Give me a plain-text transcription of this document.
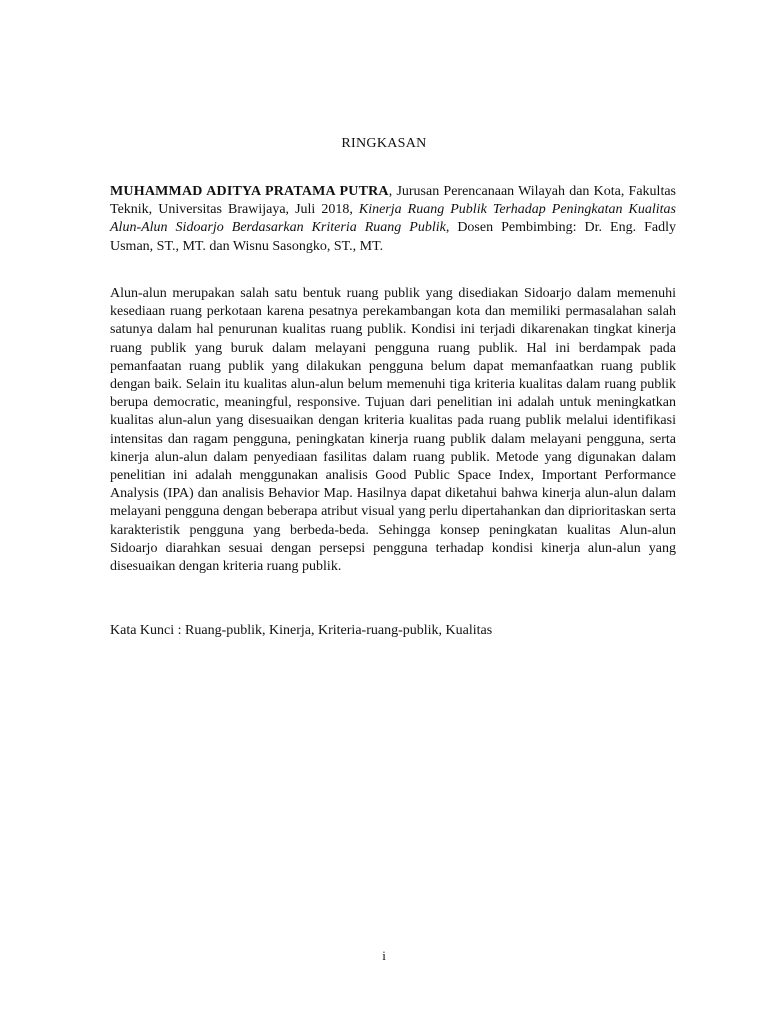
RINGKASAN
MUHAMMAD ADITYA PRATAMA PUTRA, Jurusan Perencanaan Wilayah dan Kota, Fakultas Teknik, Universitas Brawijaya, Juli 2018, Kinerja Ruang Publik Terhadap Peningkatan Kualitas Alun-Alun Sidoarjo Berdasarkan Kriteria Ruang Publik, Dosen Pembimbing: Dr. Eng. Fadly Usman, ST., MT. dan Wisnu Sasongko, ST., MT.
Alun-alun merupakan salah satu bentuk ruang publik yang disediakan Sidoarjo dalam memenuhi kesediaan ruang perkotaan karena pesatnya perekambangan kota dan memiliki permasalahan salah satunya dalam hal penurunan kualitas ruang publik. Kondisi ini terjadi dikarenakan tingkat kinerja ruang publik yang buruk dalam melayani pengguna ruang publik. Hal ini berdampak pada pemanfaatan ruang publik yang dilakukan pengguna belum dapat memanfaatkan ruang publik dengan baik. Selain itu kualitas alun-alun belum memenuhi tiga kriteria kualitas dalam ruang publik berupa democratic, meaningful, responsive. Tujuan dari penelitian ini adalah untuk meningkatkan kualitas alun-alun yang disesuaikan dengan kriteria kualitas pada ruang publik melalui identifikasi intensitas dan ragam pengguna, peningkatan kinerja ruang publik dalam melayani pengguna, serta kinerja alun-alun dalam penyediaan fasilitas dalam ruang publik. Metode yang digunakan dalam penelitian ini adalah menggunakan analisis Good Public Space Index, Important Performance Analysis (IPA) dan analisis Behavior Map. Hasilnya dapat diketahui bahwa kinerja alun-alun dalam melayani pengguna dengan beberapa atribut visual yang perlu dipertahankan dan diprioritaskan serta karakteristik pengguna yang berbeda-beda. Sehingga konsep peningkatan kualitas Alun-alun Sidoarjo diarahkan sesuai dengan persepsi pengguna terhadap kondisi kinerja alun-alun yang disesuaikan dengan kriteria ruang publik.
Kata Kunci : Ruang-publik, Kinerja, Kriteria-ruang-publik, Kualitas
i
